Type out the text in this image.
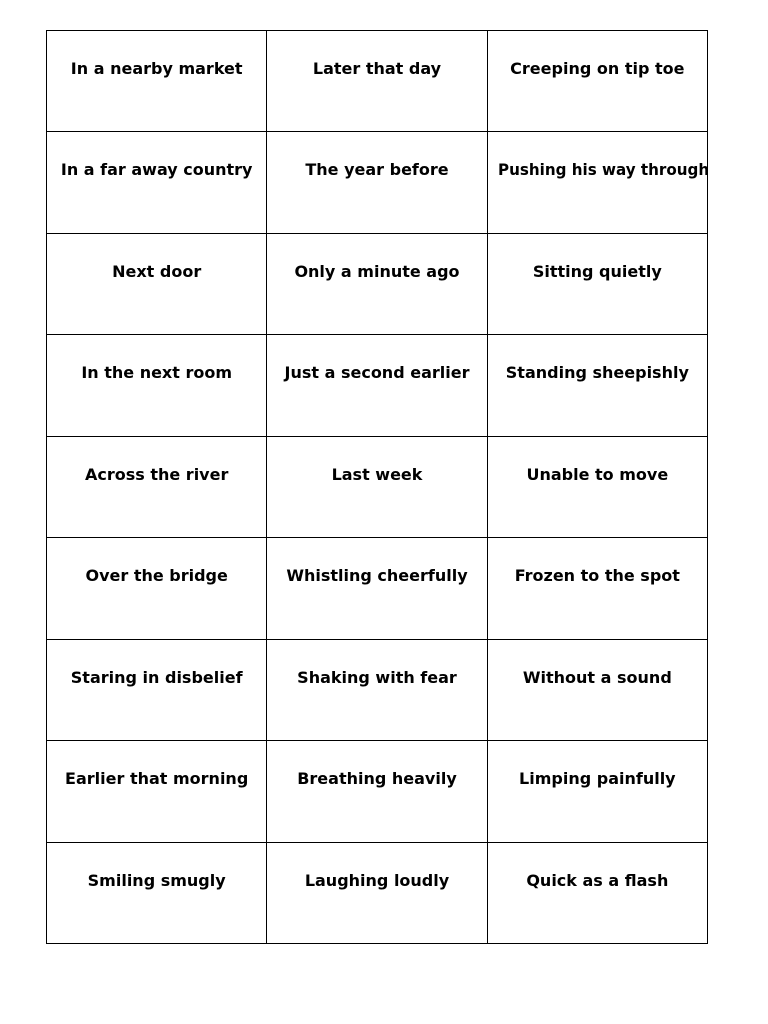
In a nearby market	Later that day	Creeping on tip toe
In a far away country	The year before	Pushing his way through
Next door	Only a minute ago	Sitting quietly
In the next room	Just a second earlier	Standing sheepishly
Across the river	Last week	Unable to move
Over the bridge	Whistling cheerfully	Frozen to the spot
Staring in disbelief	Shaking with fear	Without a sound
Earlier that morning	Breathing heavily	Limping painfully
Smiling smugly	Laughing loudly	Quick as a flash
